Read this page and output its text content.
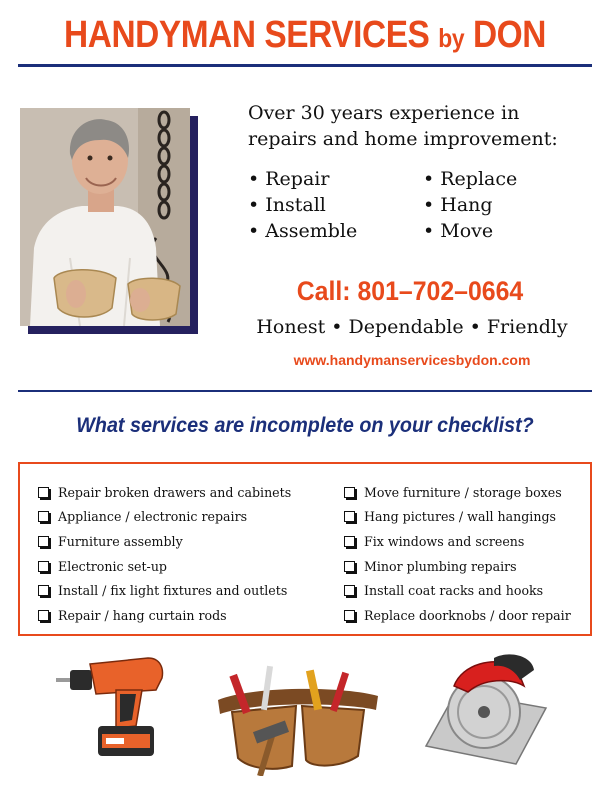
HANDYMAN SERVICES by DON
Over 30 years experience in
repairs and home improvement:
• Repair	• Replace
• Install	• Hang
• Assemble	• Move
Call: 801–702–0664
Honest • Dependable • Friendly
www.handymanservicesbydon.com
What services are incomplete on your checklist?
Repair broken drawers and cabinets	Move furniture / storage boxes
Appliance / electronic repairs	Hang pictures / wall hangings
Furniture assembly	Fix windows and screens
Electronic set-up	Minor plumbing repairs
Install / fix light fixtures and outlets	Install coat racks and hooks
Repair / hang curtain rods	Replace doorknobs / door repair
